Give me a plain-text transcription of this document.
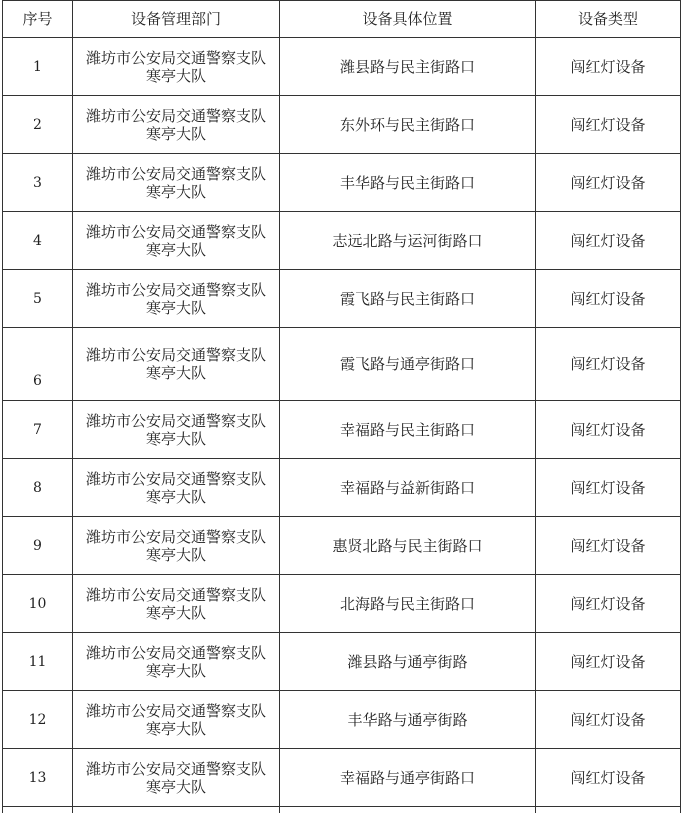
序号	设备管理部门	设备具体位置	设备类型
1	潍坊市公安局交通警察支队寒亭大队	潍县路与民主街路口	闯红灯设备
2	潍坊市公安局交通警察支队寒亭大队	东外环与民主街路口	闯红灯设备
3	潍坊市公安局交通警察支队寒亭大队	丰华路与民主街路口	闯红灯设备
4	潍坊市公安局交通警察支队寒亭大队	志远北路与运河街路口	闯红灯设备
5	潍坊市公安局交通警察支队寒亭大队	霞飞路与民主街路口	闯红灯设备
6	潍坊市公安局交通警察支队寒亭大队	霞飞路与通亭街路口	闯红灯设备
7	潍坊市公安局交通警察支队寒亭大队	幸福路与民主街路口	闯红灯设备
8	潍坊市公安局交通警察支队寒亭大队	幸福路与益新街路口	闯红灯设备
9	潍坊市公安局交通警察支队寒亭大队	惠贤北路与民主街路口	闯红灯设备
10	潍坊市公安局交通警察支队寒亭大队	北海路与民主街路口	闯红灯设备
11	潍坊市公安局交通警察支队寒亭大队	潍县路与通亭街路	闯红灯设备
12	潍坊市公安局交通警察支队寒亭大队	丰华路与通亭街路	闯红灯设备
13	潍坊市公安局交通警察支队寒亭大队	幸福路与通亭街路口	闯红灯设备
